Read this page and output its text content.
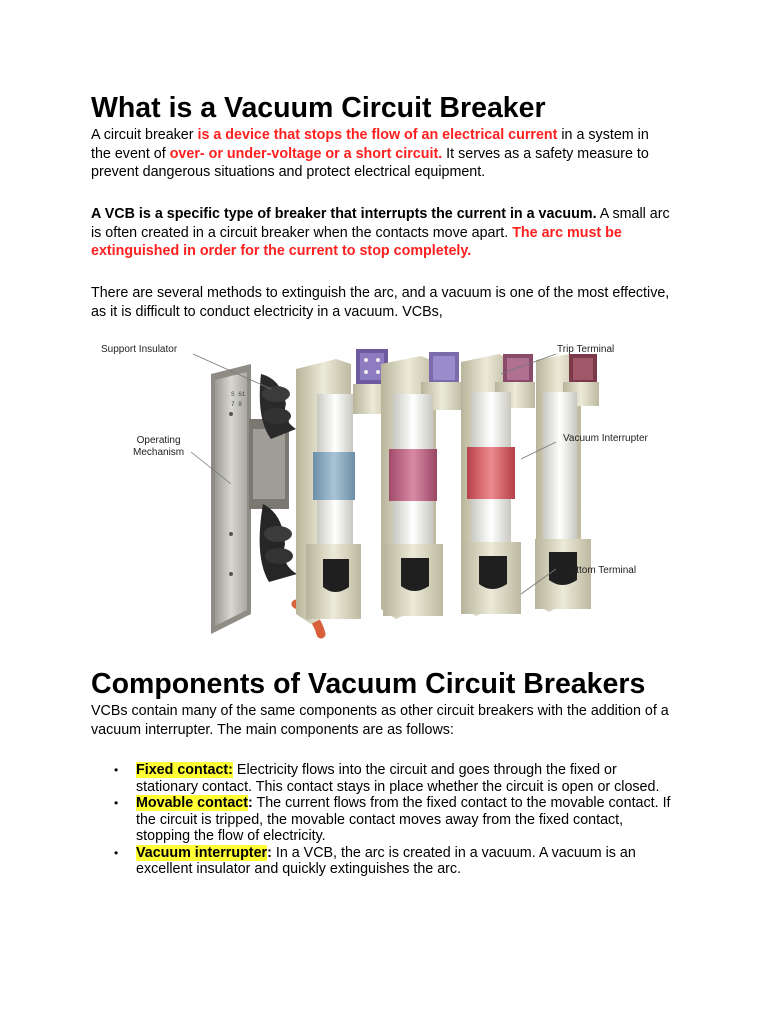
What is a Vacuum Circuit Breaker

A circuit breaker is a device that stops the flow of an electrical current in a system in
the event of over- or under-voltage or a short circuit. It serves as a safety measure to
prevent dangerous situations and protect electrical equipment.

A VCB is a specific type of breaker that interrupts the current in a vacuum. A small arc
is often created in a circuit breaker when the contacts move apart. The arc must be
extinguished in order for the current to stop completely.

There are several methods to extinguish the arc, and a vacuum is one of the most effective,
as it is difficult to conduct electricity in a vacuum. VCBs,

S 61
7 8
Support Insulator	Trip Terminal
Operating
Mechanism
Vacuum Interrupter
Bottom Terminal
Components of Vacuum Circuit Breakers

VCBs contain many of the same components as other circuit breakers with the addition of a
vacuum interrupter. The main components are as follows:

• Fixed contact: Electricity flows into the circuit and goes through the fixed or
stationary contact. This contact stays in place whether the circuit is open or closed.
• Movable contact: The current flows from the fixed contact to the movable contact. If
the circuit is tripped, the movable contact moves away from the fixed contact,
stopping the flow of electricity.
• Vacuum interrupter: In a VCB, the arc is created in a vacuum. A vacuum is an
excellent insulator and quickly extinguishes the arc.
